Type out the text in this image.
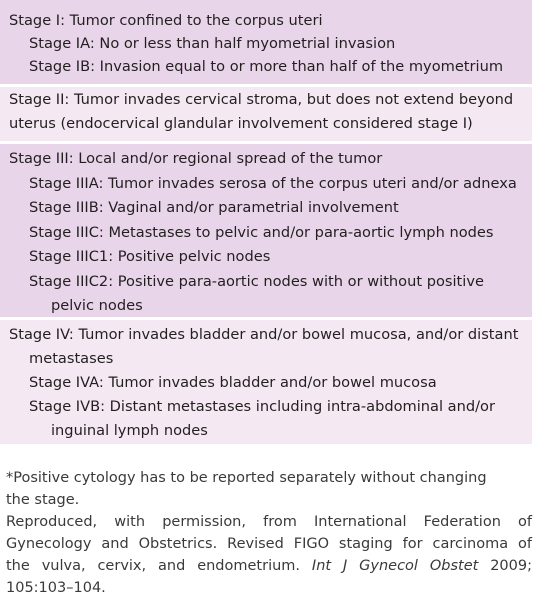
Stage I: Tumor confined to the corpus uteri
Stage IA: No or less than half myometrial invasion
Stage IB: Invasion equal to or more than half of the myometrium
Stage II: Tumor invades cervical stroma, but does not extend beyond
uterus (endocervical glandular involvement considered stage I)
Stage III: Local and/or regional spread of the tumor
Stage IIIA: Tumor invades serosa of the corpus uteri and/or adnexa
Stage IIIB: Vaginal and/or parametrial involvement
Stage IIIC: Metastases to pelvic and/or para-aortic lymph nodes
Stage IIIC1: Positive pelvic nodes
Stage IIIC2: Positive para-aortic nodes with or without positive
pelvic nodes
Stage IV: Tumor invades bladder and/or bowel mucosa, and/or distant
metastases
Stage IVA: Tumor invades bladder and/or bowel mucosa
Stage IVB: Distant metastases including intra-abdominal and/or
inguinal lymph nodes
*Positive cytology has to be reported separately without changing
the stage.
Reproduced, with permission, from International Federation of
Gynecology and Obstetrics. Revised FIGO staging for carcinoma of
the vulva, cervix, and endometrium. Int J Gynecol Obstet 2009;
105:103–104.
